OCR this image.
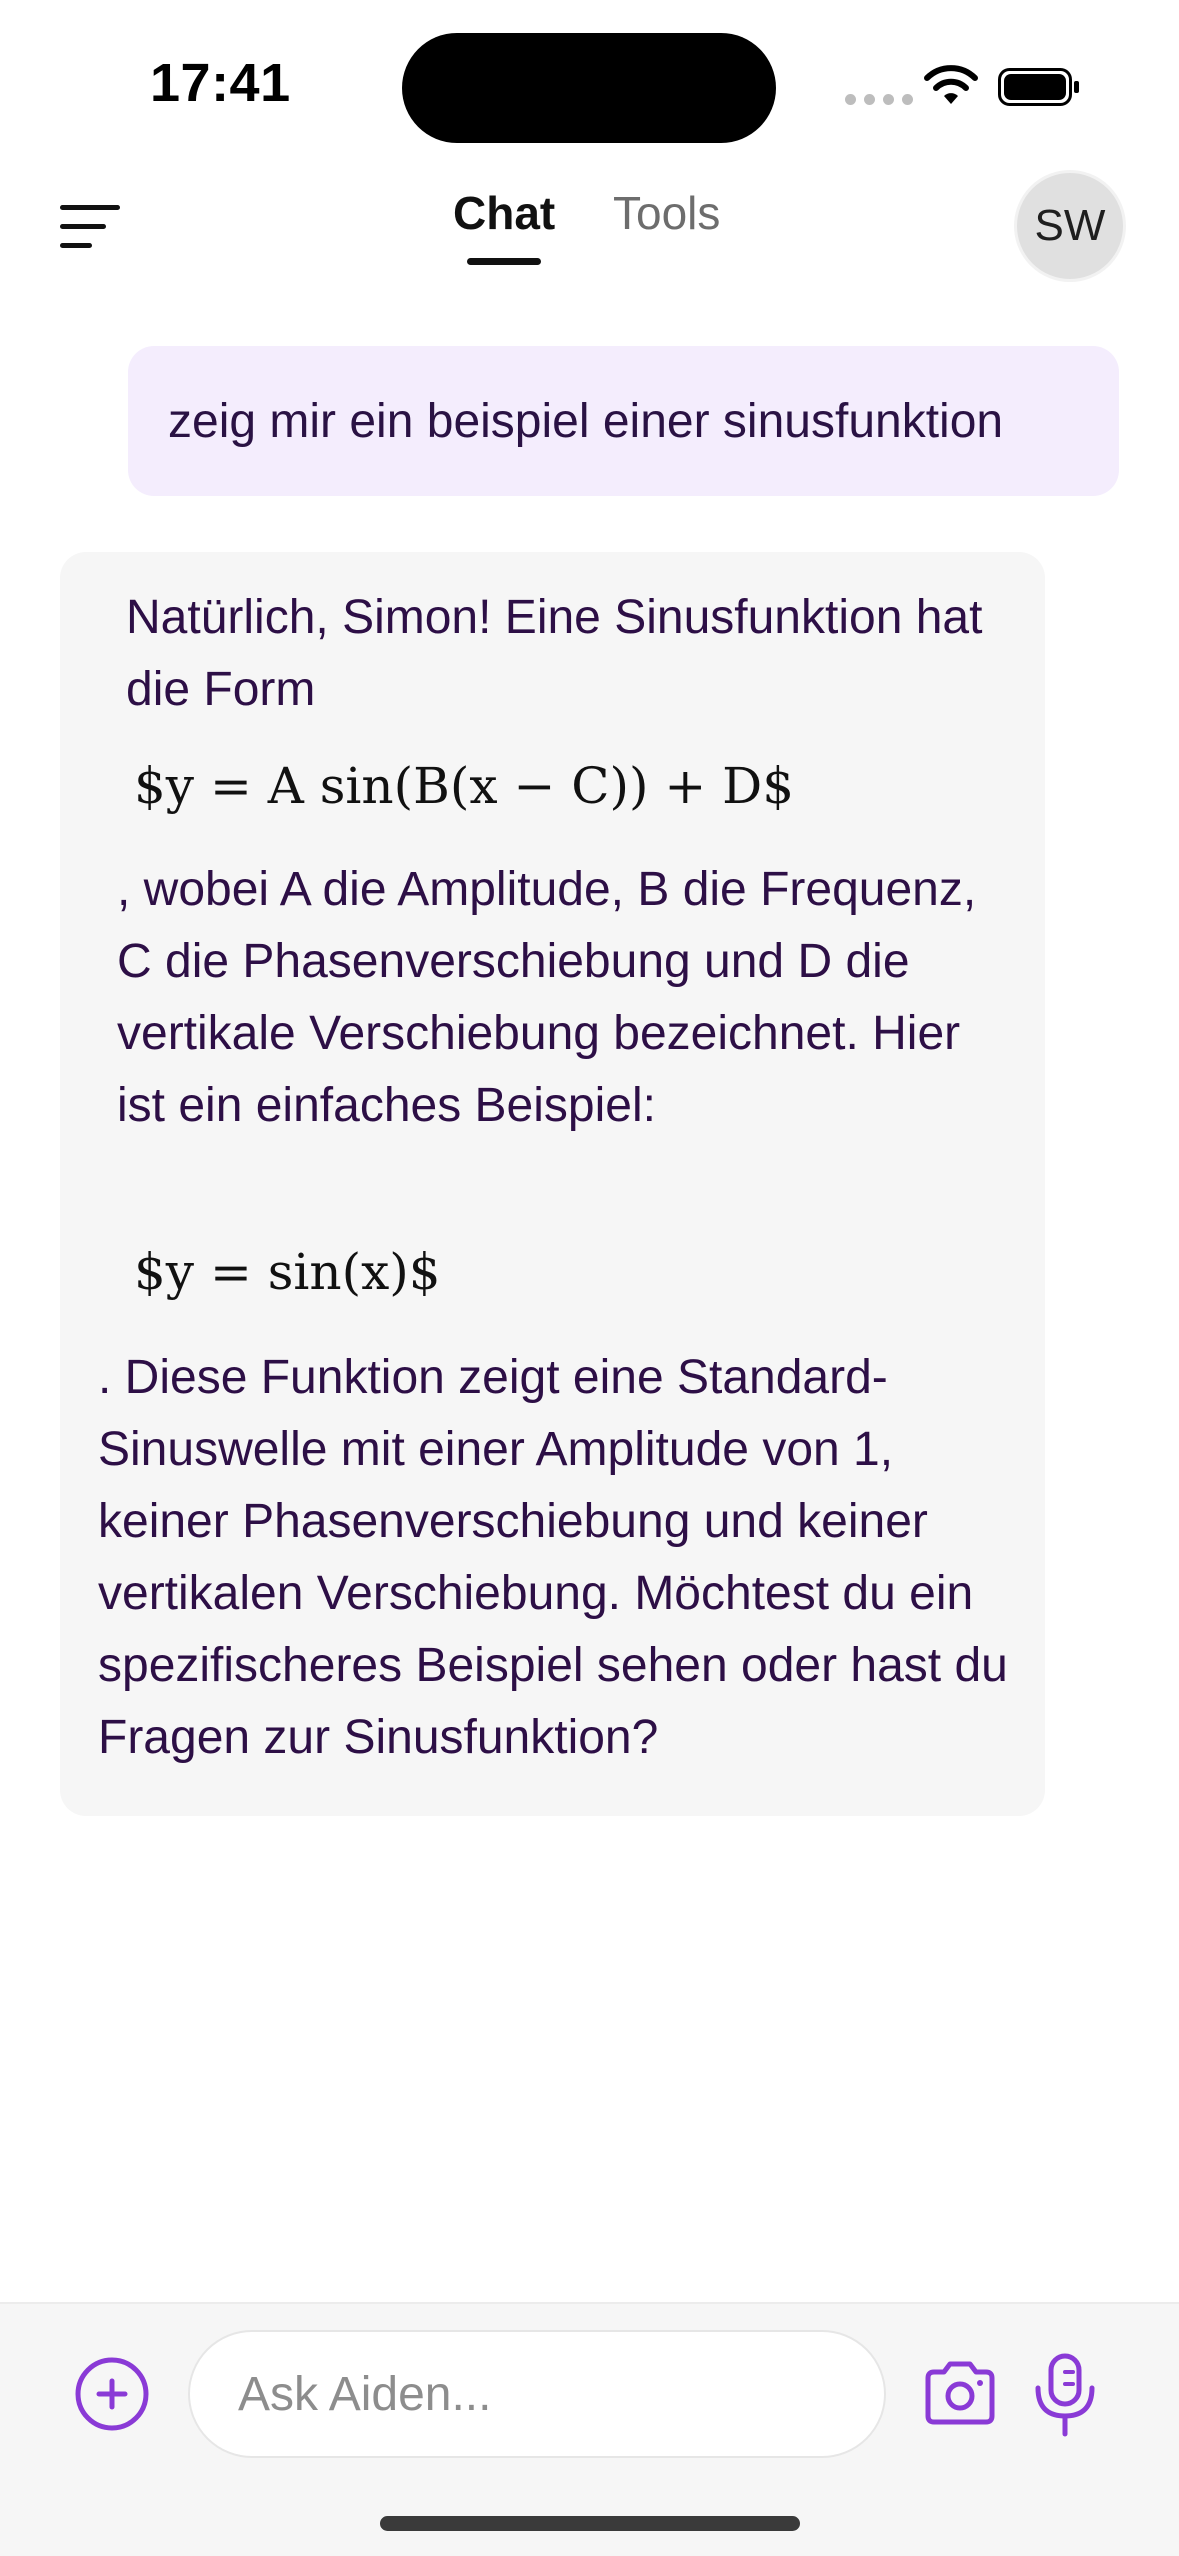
17:41
Chat Tools	SW
zeig mir ein beispiel einer sinusfunktion
Natürlich, Simon! Eine Sinusfunktion hat die Form
$y = A sin(B(x − C)) + D$
, wobei A die Amplitude, B die Frequenz, C die Phasenverschiebung und D die vertikale Verschiebung bezeichnet. Hier ist ein einfaches Beispiel:
$y = sin(x)$
. Diese Funktion zeigt eine Standard-Sinuswelle mit einer Amplitude von 1, keiner Phasenverschiebung und keiner vertikalen Verschiebung. Möchtest du ein spezifischeres Beispiel sehen oder hast du Fragen zur Sinusfunktion?
Ask Aiden...
